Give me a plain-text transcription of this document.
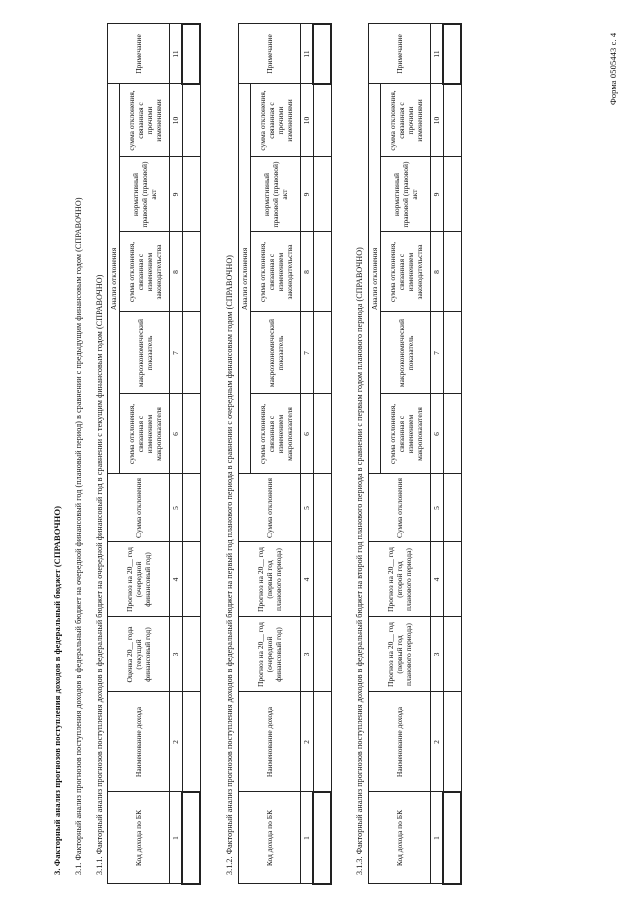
Форма 0505443 с. 4
3. Факторный анализ прогнозов поступления доходов в федеральный бюджет (СПРАВОЧНО) 3.1. Факторный анализ прогнозов поступления доходов в федеральный бюджет на очередной финансовый год (плановый период) в сравнении с предыдущим финансовым годом (СПРАВОЧНО) 3.1.1. Факторный анализ прогнозов поступления доходов в федеральный бюджет на очередной финансовый год в сравнении с текущим финансовым годом (СПРАВОЧНО)	Код дохода по БК	Наименование дохода	Оценка 20__ года (текущий финансовый год)	Прогноз на 20__ год (очередной финансовый год)	Сумма отклонения	Анализ отклонения					Примечание
					сумма отклонения, связанная с изменением макропоказателя	макроэкономический показатель	сумма отклонения, связанная с изменением законодательства	нормативный правовой (правовой) акт	сумма отклонения, связанная с прочими изменениями	
1	2	3	4	5	6	7	8	9	10	11

3.1.2. Факторный анализ прогнозов поступления доходов в федеральный бюджет на первый год планового периода в сравнении с очередным финансовым годом (СПРАВОЧНО)	Код дохода по БК	Наименование дохода	Прогноз на 20__ год (очередной финансовый год)	Прогноз на 20__ год (первый год планового периода)	Сумма отклонения	Анализ отклонения					Примечание
					сумма отклонения, связанная с изменением макропоказателя	макроэкономический показатель	сумма отклонения, связанная с изменением законодательства	нормативный правовой (правовой) акт	сумма отклонения, связанная с прочими изменениями	
1	2	3	4	5	6	7	8	9	10	11

3.1.3. Факторный анализ прогнозов поступления доходов в федеральный бюджет на второй год планового периода в сравнении с первым годом планового периода (СПРАВОЧНО)	Код дохода по БК	Наименование дохода	Прогноз на 20__ год (первый год планового периода)	Прогноз на 20__ год (второй год планового периода)	Сумма отклонения	Анализ отклонения					Примечание
					сумма отклонения, связанная с изменением макропоказателя	макроэкономический показатель	сумма отклонения, связанная с изменением законодательства	нормативный правовой (правовой) акт	сумма отклонения, связанная с прочими изменениями	
1	2	3	4	5	6	7	8	9	10	11
